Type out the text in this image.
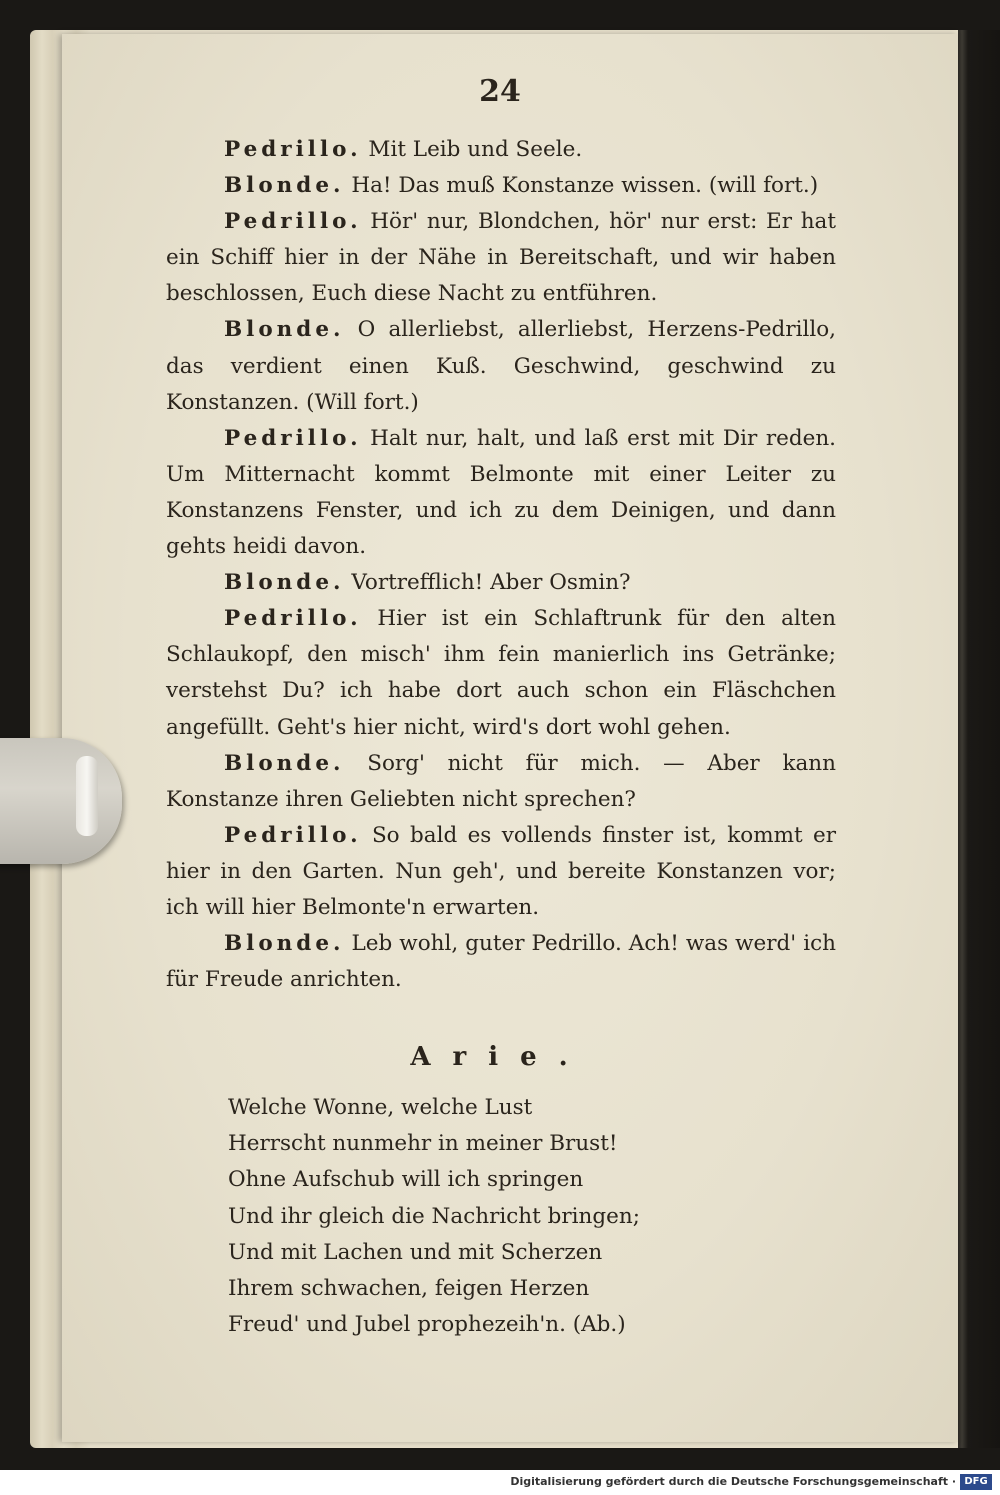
24

Pedrillo. Mit Leib und Seele.

Blonde. Ha! Das muß Konstanze wissen. (will fort.)

Pedrillo. Hör' nur, Blondchen, hör' nur erst: Er hat ein Schiff hier in der Nähe in Bereitschaft, und wir haben beschlossen, Euch diese Nacht zu entführen.

Blonde. O allerliebst, allerliebst, Herzens-Pedrillo, das verdient einen Kuß. Geschwind, geschwind zu Konstanzen. (Will fort.)

Pedrillo. Halt nur, halt, und laß erst mit Dir reden. Um Mitternacht kommt Belmonte mit einer Leiter zu Konstanzens Fenster, und ich zu dem Deinigen, und dann gehts heidi davon.

Blonde. Vortrefflich! Aber Osmin?

Pedrillo. Hier ist ein Schlaftrunk für den alten Schlaukopf, den misch' ihm fein manierlich ins Getränke; verstehst Du? ich habe dort auch schon ein Fläschchen angefüllt. Geht's hier nicht, wird's dort wohl gehen.

Blonde. Sorg' nicht für mich. — Aber kann Konstanze ihren Geliebten nicht sprechen?

Pedrillo. So bald es vollends finster ist, kommt er hier in den Garten. Nun geh', und bereite Konstanzen vor; ich will hier Belmonte'n erwarten.

Blonde. Leb wohl, guter Pedrillo. Ach! was werd' ich für Freude anrichten.

Arie.

Welche Wonne, welche Lust

Herrscht nunmehr in meiner Brust!

Ohne Aufschub will ich springen

Und ihr gleich die Nachricht bringen;

Und mit Lachen und mit Scherzen

Ihrem schwachen, feigen Herzen

Freud' und Jubel prophezeih'n. (Ab.)

Digitalisierung gefördert durch die Deutsche Forschungsgemeinschaft · DFG
